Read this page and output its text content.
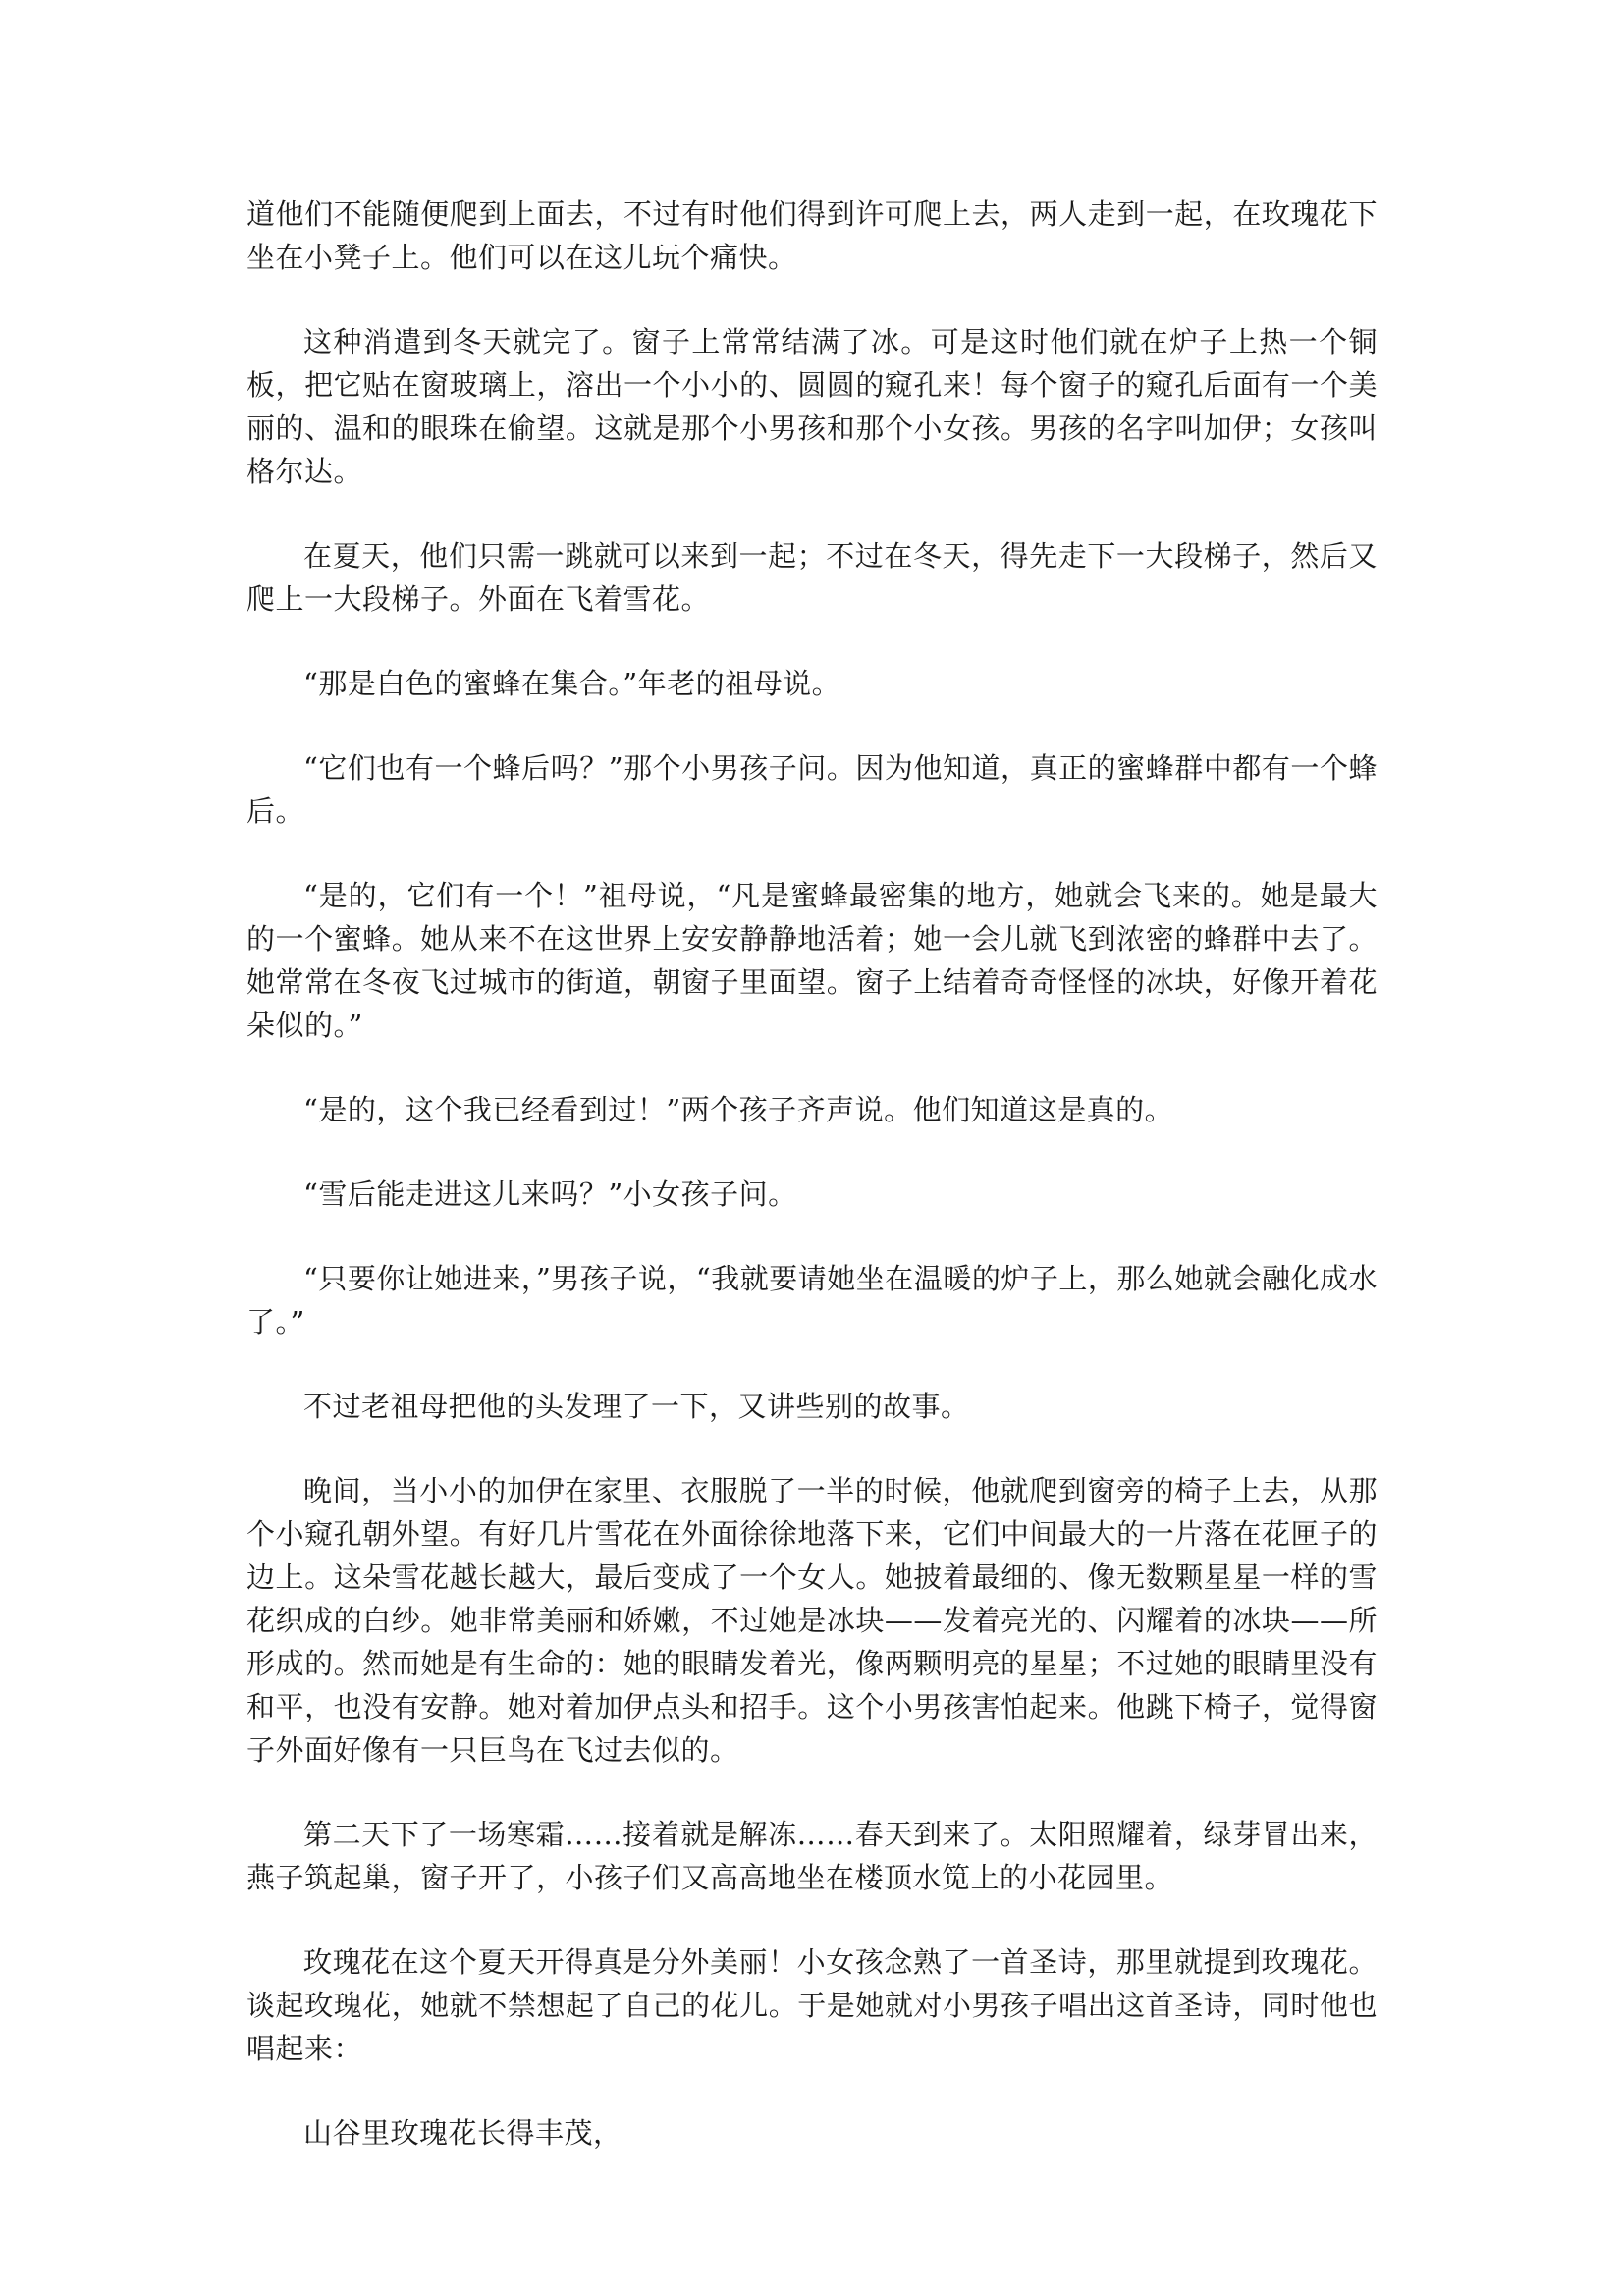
道他们不能随便爬到上面去，不过有时他们得到许可爬上去，两人走到一起，在玫瑰花下坐在小凳子上。他们可以在这儿玩个痛快。

这种消遣到冬天就完了。窗子上常常结满了冰。可是这时他们就在炉子上热一个铜板，把它贴在窗玻璃上，溶出一个小小的、圆圆的窥孔来！每个窗子的窥孔后面有一个美丽的、温和的眼珠在偷望。这就是那个小男孩和那个小女孩。男孩的名字叫加伊；女孩叫格尔达。

在夏天，他们只需一跳就可以来到一起；不过在冬天，得先走下一大段梯子，然后又爬上一大段梯子。外面在飞着雪花。

“那是白色的蜜蜂在集合。”年老的祖母说。

“它们也有一个蜂后吗？”那个小男孩子问。因为他知道，真正的蜜蜂群中都有一个蜂后。

“是的，它们有一个！”祖母说，“凡是蜜蜂最密集的地方，她就会飞来的。她是最大的一个蜜蜂。她从来不在这世界上安安静静地活着；她一会儿就飞到浓密的蜂群中去了。她常常在冬夜飞过城市的街道，朝窗子里面望。窗子上结着奇奇怪怪的冰块，好像开着花朵似的。”

“是的，这个我已经看到过！”两个孩子齐声说。他们知道这是真的。

“雪后能走进这儿来吗？”小女孩子问。

“只要你让她进来，”男孩子说，“我就要请她坐在温暖的炉子上，那么她就会融化成水了。”

不过老祖母把他的头发理了一下，又讲些别的故事。

晚间，当小小的加伊在家里、衣服脱了一半的时候，他就爬到窗旁的椅子上去，从那个小窥孔朝外望。有好几片雪花在外面徐徐地落下来，它们中间最大的一片落在花匣子的边上。这朵雪花越长越大，最后变成了一个女人。她披着最细的、像无数颗星星一样的雪花织成的白纱。她非常美丽和娇嫩，不过她是冰块——发着亮光的、闪耀着的冰块——所形成的。然而她是有生命的：她的眼睛发着光，像两颗明亮的星星；不过她的眼睛里没有和平，也没有安静。她对着加伊点头和招手。这个小男孩害怕起来。他跳下椅子，觉得窗子外面好像有一只巨鸟在飞过去似的。

第二天下了一场寒霜……接着就是解冻……春天到来了。太阳照耀着，绿芽冒出来，燕子筑起巢，窗子开了，小孩子们又高高地坐在楼顶水笕上的小花园里。

玫瑰花在这个夏天开得真是分外美丽！小女孩念熟了一首圣诗，那里就提到玫瑰花。谈起玫瑰花，她就不禁想起了自己的花儿。于是她就对小男孩子唱出这首圣诗，同时他也唱起来：

山谷里玫瑰花长得丰茂，
